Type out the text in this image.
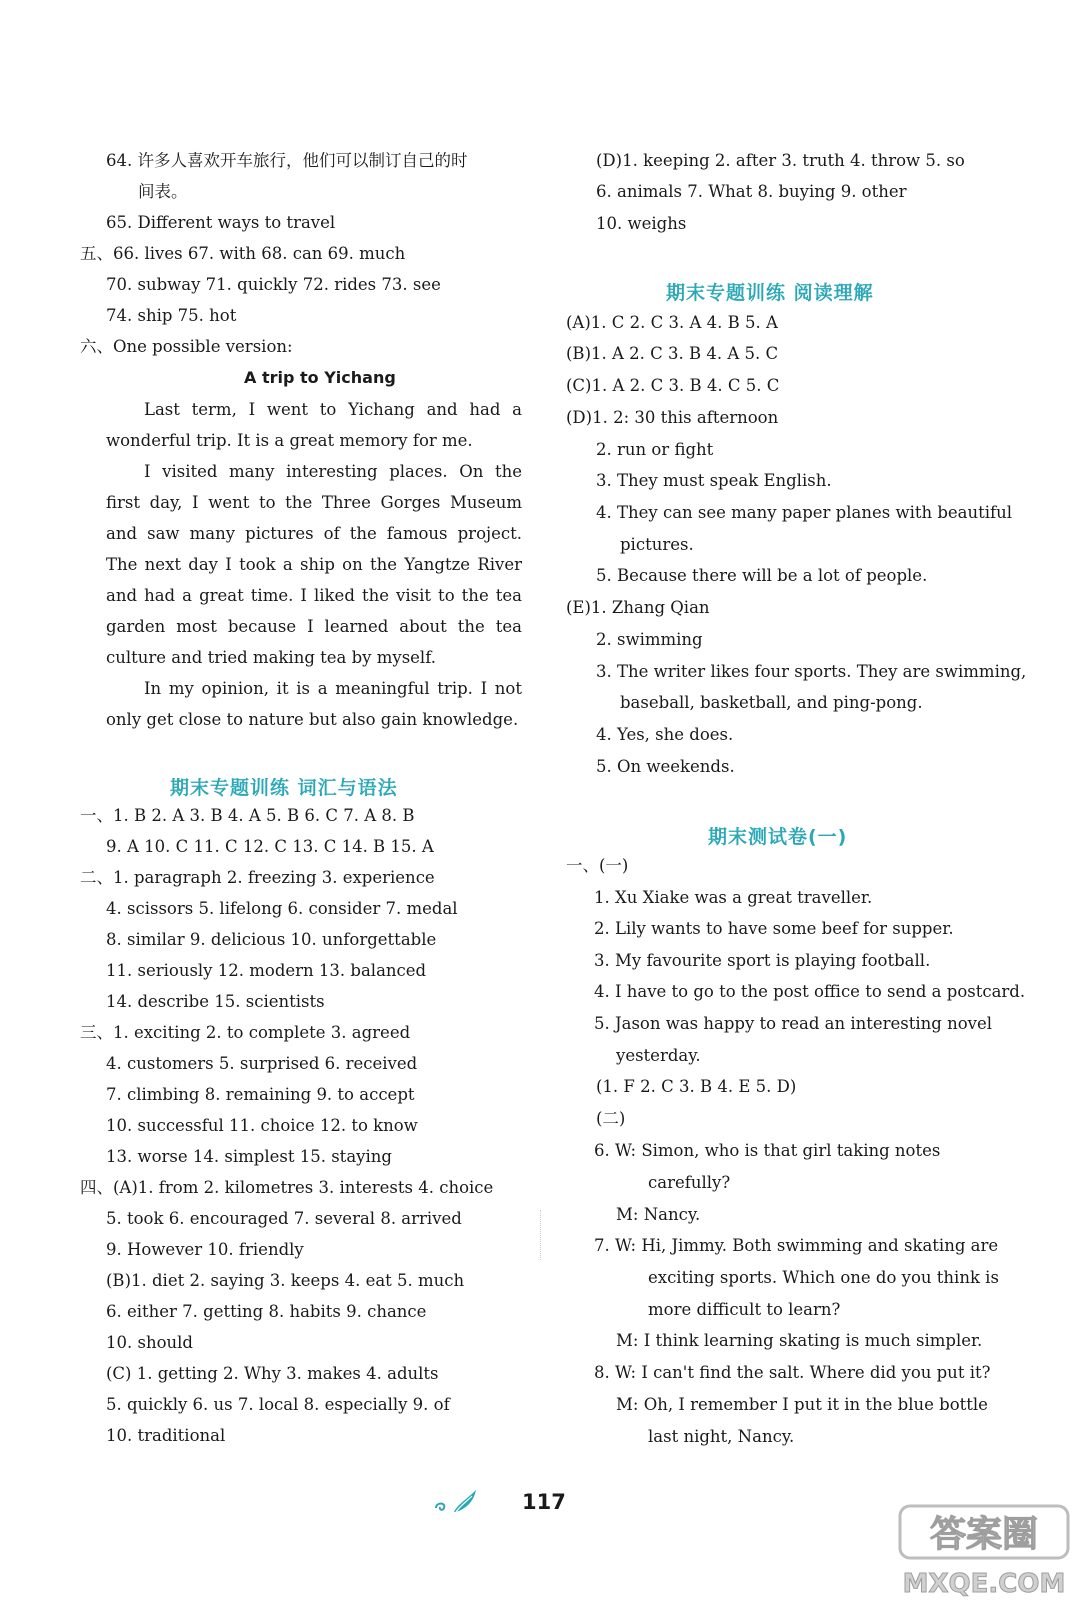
64. 许多人喜欢开车旅行，他们可以制订自己的时
间表。
65. Different ways to travel
五、66. lives 67. with 68. can 69. much
70. subway 71. quickly 72. rides 73. see
74. ship 75. hot
六、One possible version:
A trip to Yichang
Last term, I went to Yichang and had a wonderful trip. It is a great memory for me.
I visited many interesting places. On the first day, I went to the Three Gorges Museum and saw many pictures of the famous project. The next day I took a ship on the Yangtze River and had a great time. I liked the visit to the tea garden most because I learned about the tea culture and tried making tea by myself.
In my opinion, it is a meaningful trip. I not only get close to nature but also gain knowledge.
期末专题训练 词汇与语法
一、1. B 2. A 3. B 4. A 5. B 6. C 7. A 8. B
9. A 10. C 11. C 12. C 13. C 14. B 15. A
二、1. paragraph 2. freezing 3. experience
4. scissors 5. lifelong 6. consider 7. medal
8. similar 9. delicious 10. unforgettable
11. seriously 12. modern 13. balanced
14. describe 15. scientists
三、1. exciting 2. to complete 3. agreed
4. customers 5. surprised 6. received
7. climbing 8. remaining 9. to accept
10. successful 11. choice 12. to know
13. worse 14. simplest 15. staying
四、(A)1. from 2. kilometres 3. interests 4. choice
5. took 6. encouraged 7. several 8. arrived
9. However 10. friendly
(B)1. diet 2. saying 3. keeps 4. eat 5. much
6. either 7. getting 8. habits 9. chance
10. should
(C) 1. getting 2. Why 3. makes 4. adults
5. quickly 6. us 7. local 8. especially 9. of
10. traditional
(D)1. keeping 2. after 3. truth 4. throw 5. so
6. animals 7. What 8. buying 9. other
10. weighs
期末专题训练 阅读理解
(A)1. C 2. C 3. A 4. B 5. A
(B)1. A 2. C 3. B 4. A 5. C
(C)1. A 2. C 3. B 4. C 5. C
(D)1. 2: 30 this afternoon
2. run or fight
3. They must speak English.
4. They can see many paper planes with beautiful
pictures.
5. Because there will be a lot of people.
(E)1. Zhang Qian
2. swimming
3. The writer likes four sports. They are swimming,
baseball, basketball, and ping-pong.
4. Yes, she does.
5. On weekends.
期末测试卷(一)
一、(一)
1. Xu Xiake was a great traveller.
2. Lily wants to have some beef for supper.
3. My favourite sport is playing football.
4. I have to go to the post office to send a postcard.
5. Jason was happy to read an interesting novel
yesterday.
(1. F 2. C 3. B 4. E 5. D)
(二)
6. W: Simon, who is that girl taking notes
carefully?
M: Nancy.
7. W: Hi, Jimmy. Both swimming and skating are
exciting sports. Which one do you think is
more difficult to learn?
M: I think learning skating is much simpler.
8. W: I can't find the salt. Where did you put it?
M: Oh, I remember I put it in the blue bottle
last night, Nancy.
117
答案圈
MXQE.COM
